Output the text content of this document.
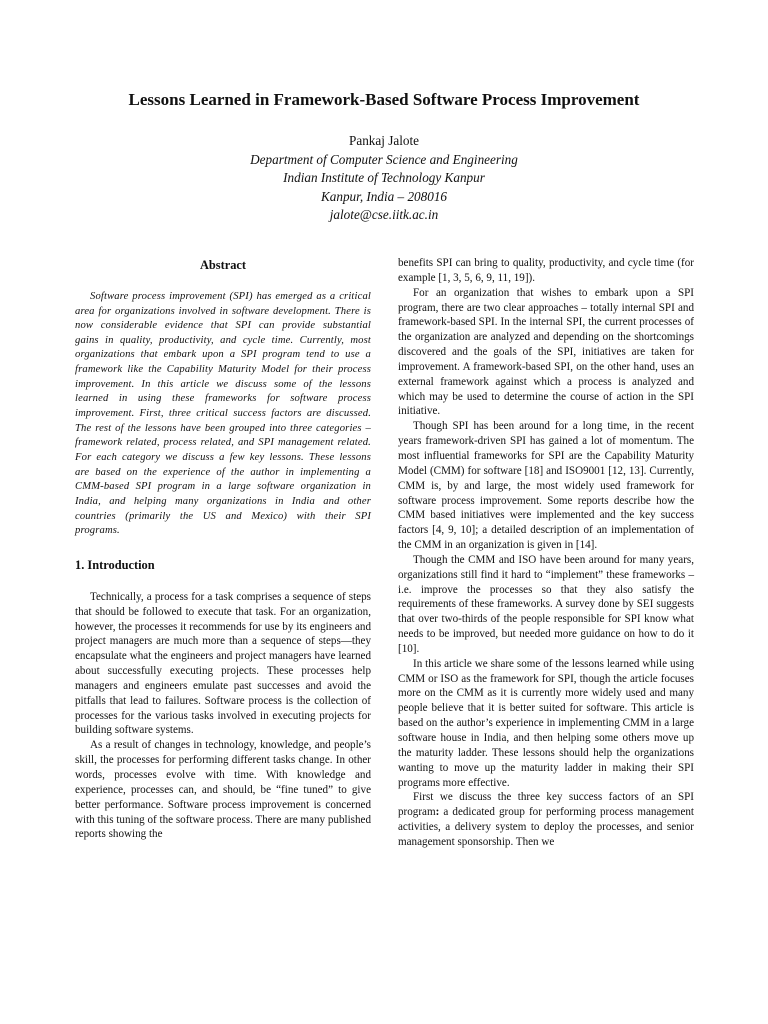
Lessons Learned in Framework-Based Software Process Improvement
Pankaj Jalote
Department of Computer Science and Engineering
Indian Institute of Technology Kanpur
Kanpur, India – 208016
jalote@cse.iitk.ac.in
Abstract

Software process improvement (SPI) has emerged as a critical area for organizations involved in software development. There is now considerable evidence that SPI can provide substantial gains in quality, productivity, and cycle time. Currently, most organizations that embark upon a SPI program tend to use a framework like the Capability Maturity Model for their process improvement. In this article we discuss some of the lessons learned in using these frameworks for software process improvement. First, three critical success factors are discussed. The rest of the lessons have been grouped into three categories – framework related, process related, and SPI management related. For each category we discuss a few key lessons. These lessons are based on the experience of the author in implementing a CMM-based SPI program in a large software organization in India, and helping many organizations in India and other countries (primarily the US and Mexico) with their SPI programs.

1. Introduction

Technically, a process for a task comprises a sequence of steps that should be followed to execute that task. For an organization, however, the processes it recommends for use by its engineers and project managers are much more than a sequence of steps—they encapsulate what the engineers and project managers have learned about successfully executing projects. These processes help managers and engineers emulate past successes and avoid the pitfalls that lead to failures. Software process is the collection of processes for the various tasks involved in executing projects for building software systems.

As a result of changes in technology, knowledge, and people’s skill, the processes for performing different tasks change. In other words, processes evolve with time. With knowledge and experience, processes can, and should, be “fine tuned” to give better performance. Software process improvement is concerned with this tuning of the software process. There are many published reports showing the

benefits SPI can bring to quality, productivity, and cycle time (for example [1, 3, 5, 6, 9, 11, 19]).

For an organization that wishes to embark upon a SPI program, there are two clear approaches – totally internal SPI and framework-based SPI. In the internal SPI, the current processes of the organization are analyzed and depending on the shortcomings discovered and the goals of the SPI, initiatives are taken for improvement. A framework-based SPI, on the other hand, uses an external framework against which a process is analyzed and which may be used to determine the course of action in the SPI initiative.

Though SPI has been around for a long time, in the recent years framework-driven SPI has gained a lot of momentum. The most influential frameworks for SPI are the Capability Maturity Model (CMM) for software [18] and ISO9001 [12, 13]. Currently, CMM is, by and large, the most widely used framework for software process improvement. Some reports describe how the CMM based initiatives were implemented and the key success factors [4, 9, 10]; a detailed description of an implementation of the CMM in an organization is given in [14].

Though the CMM and ISO have been around for many years, organizations still find it hard to “implement” these frameworks – i.e. improve the processes so that they also satisfy the requirements of these frameworks. A survey done by SEI suggests that over two-thirds of the people responsible for SPI know what needs to be improved, but needed more guidance on how to do it [10].

In this article we share some of the lessons learned while using CMM or ISO as the framework for SPI, though the article focuses more on the CMM as it is currently more widely used and many people believe that it is better suited for software. This article is based on the author’s experience in implementing CMM in a large software house in India, and then helping some others move up the maturity ladder. These lessons should help the organizations wanting to move up the maturity ladder in making their SPI programs more effective.

First we discuss the three key success factors of an SPI program: a dedicated group for performing process management activities, a delivery system to deploy the processes, and senior management sponsorship. Then we
